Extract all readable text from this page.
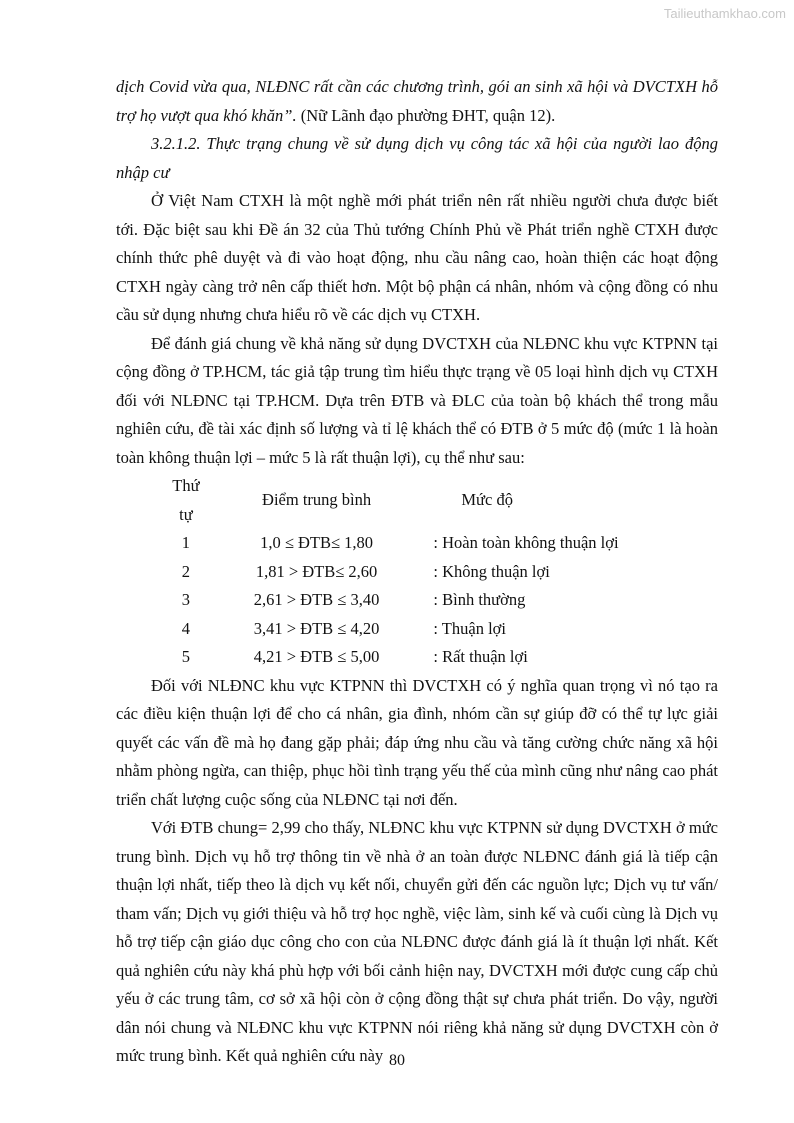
Tailieuthamkhao.com

dịch Covid vừa qua, NLĐNC rất cần các chương trình, gói an sinh xã hội và DVCTXH hỗ trợ họ vượt qua khó khăn”. (Nữ Lãnh đạo phường ĐHT, quận 12).

3.2.1.2. Thực trạng chung về sử dụng dịch vụ công tác xã hội của người lao động nhập cư

Ở Việt Nam CTXH là một nghề mới phát triển nên rất nhiều người chưa được biết tới. Đặc biệt sau khi Đề án 32 của Thủ tướng Chính Phủ về Phát triển nghề CTXH được chính thức phê duyệt và đi vào hoạt động, nhu cầu nâng cao, hoàn thiện các hoạt động CTXH ngày càng trở nên cấp thiết hơn. Một bộ phận cá nhân, nhóm và cộng đồng có nhu cầu sử dụng nhưng chưa hiểu rõ về các dịch vụ CTXH.

Để đánh giá chung về khả năng sử dụng DVCTXH của NLĐNC khu vực KTPNN tại cộng đồng ở TP.HCM, tác giả tập trung tìm hiểu thực trạng về 05 loại hình dịch vụ CTXH đối với NLĐNC tại TP.HCM. Dựa trên ĐTB và ĐLC của toàn bộ khách thể trong mẫu nghiên cứu, đề tài xác định số lượng và tỉ lệ khách thể có ĐTB ở 5 mức độ (mức 1 là hoàn toàn không thuận lợi – mức 5 là rất thuận lợi), cụ thể như sau:

Thứ tự	Điểm trung bình	Mức độ
1	1,0 ≤ ĐTB≤ 1,80	: Hoàn toàn không thuận lợi
2	1,81 > ĐTB≤ 2,60	: Không thuận lợi
3	2,61 > ĐTB ≤ 3,40	: Bình thường
4	3,41 > ĐTB ≤ 4,20	: Thuận lợi
5	4,21 > ĐTB ≤ 5,00	: Rất thuận lợi

Đối với NLĐNC khu vực KTPNN thì DVCTXH có ý nghĩa quan trọng vì nó tạo ra các điều kiện thuận lợi để cho cá nhân, gia đình, nhóm cần sự giúp đỡ có thể tự lực giải quyết các vấn đề mà họ đang gặp phải; đáp ứng nhu cầu và tăng cường chức năng xã hội nhằm phòng ngừa, can thiệp, phục hồi tình trạng yếu thế của mình cũng như nâng cao phát triển chất lượng cuộc sống của NLĐNC tại nơi đến.

Với ĐTB chung= 2,99 cho thấy, NLĐNC khu vực KTPNN sử dụng DVCTXH ở mức trung bình. Dịch vụ hỗ trợ thông tin về nhà ở an toàn được NLĐNC đánh giá là tiếp cận thuận lợi nhất, tiếp theo là dịch vụ kết nối, chuyển gửi đến các nguồn lực; Dịch vụ tư vấn/ tham vấn; Dịch vụ giới thiệu và hỗ trợ học nghề, việc làm, sinh kế và cuối cùng là Dịch vụ hỗ trợ tiếp cận giáo dục công cho con của NLĐNC được đánh giá là ít thuận lợi nhất. Kết quả nghiên cứu này khá phù hợp với bối cảnh hiện nay, DVCTXH mới được cung cấp chủ yếu ở các trung tâm, cơ sở xã hội còn ở cộng đồng thật sự chưa phát triển. Do vậy, người dân nói chung và NLĐNC khu vực KTPNN nói riêng khả năng sử dụng DVCTXH còn ở mức trung bình. Kết quả nghiên cứu này 80
